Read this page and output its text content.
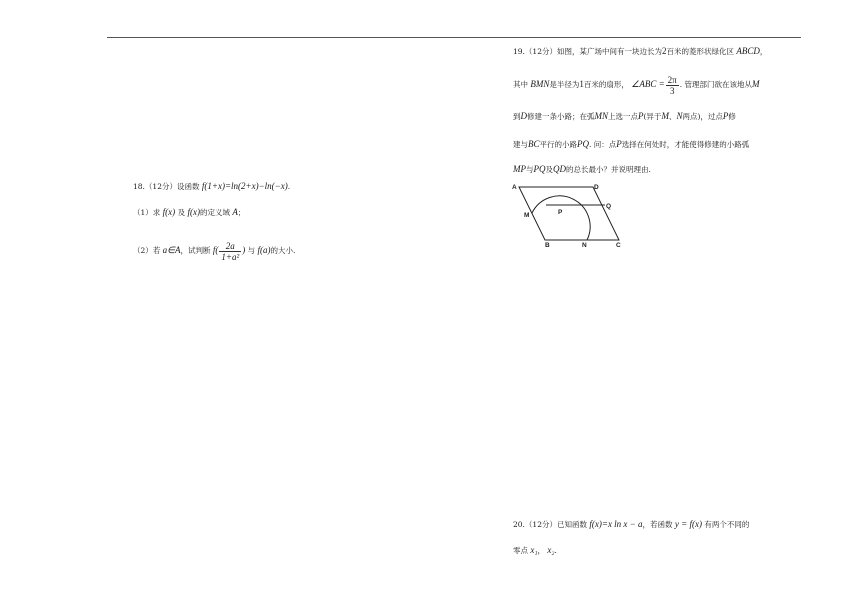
18.（12分）设函数 f(1+x)=ln(2+x)−ln(−x).
（1）求 f(x) 及 f(x)的定义域 A；
（2）若 a∈A，试判断 $f( \frac{2a}{\text{1+a²}}$ ) 与 f(a)的大小.
19.（12分）如图，某广场中间有一块边长为2百米的菱形状绿化区 ABCD，
其中 BMN是半径为1百米的扇形， ∠ABC = $\frac{2\pi}{3}$ . 管理部门欲在该地从M
到D修建一条小路；在弧MN上选一点P(异于M、N两点)，过点P修
建与BC平行的小路PQ. 问：点P选择在何处时，才能使得修建的小路弧
MP与PQ及QD的总长最小？并说明理由.
A	D
M	P
Q
B	N	C
20.（12分）已知函数 f(x)=x ln x − a，若函数 y = f(x) 有两个不同的
零点 x₁， x₂.
